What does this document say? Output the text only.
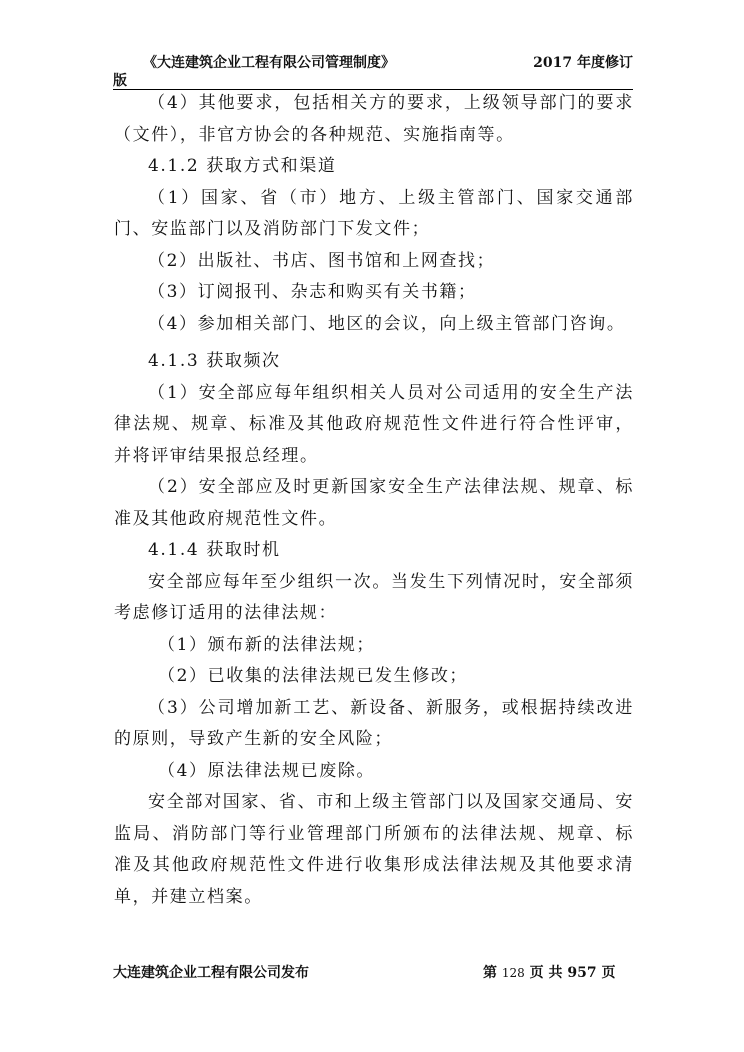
《大连建筑企业工程有限公司管理制度》	2017 年度修订
版

（4）其他要求，包括相关方的要求，上级领导部门的要求（文件），非官方协会的各种规范、实施指南等。

4.1.2 获取方式和渠道

（1）国家、省（市）地方、上级主管部门、国家交通部门、安监部门以及消防部门下发文件；

（2）出版社、书店、图书馆和上网查找；

（3）订阅报刊、杂志和购买有关书籍；

（4）参加相关部门、地区的会议，向上级主管部门咨询。

4.1.3 获取频次

（1）安全部应每年组织相关人员对公司适用的安全生产法律法规、规章、标准及其他政府规范性文件进行符合性评审，并将评审结果报总经理。

（2）安全部应及时更新国家安全生产法律法规、规章、标准及其他政府规范性文件。

4.1.4 获取时机

安全部应每年至少组织一次。当发生下列情况时，安全部须考虑修订适用的法律法规：

（1）颁布新的法律法规；

（2）已收集的法律法规已发生修改；

（3）公司增加新工艺、新设备、新服务，或根据持续改进的原则，导致产生新的安全风险；

（4）原法律法规已废除。

安全部对国家、省、市和上级主管部门以及国家交通局、安监局、消防部门等行业管理部门所颁布的法律法规、规章、标准及其他政府规范性文件进行收集形成法律法规及其他要求清单，并建立档案。

大连建筑企业工程有限公司发布	第 128 页 共 957 页
